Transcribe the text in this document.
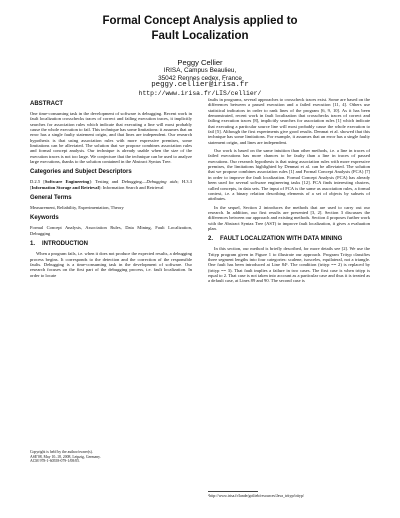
Formal Concept Analysis applied to
Fault Localization
Peggy Cellier
IRISA, Campus Beaulieu,
35042 Rennes cedex, France
peggy.cellier@irisa.fr
http://www.irisa.fr/LIS/cellier/
ABSTRACT

One time-consuming task in the development of software is debugging. Recent work in fault localization crosschecks traces of correct and failing execution traces, it implicitly searches for association rules which indicate that executing a line will most probably cause the whole execution to fail. This technique has some limitations: it assumes that an error has a single faulty statement origin, and that lines are independent. Our research hypothesis is that using association rules with more expressive premises, some limitations can be alleviated. The solution that we propose combines association rules and formal concept analysis. Our technique is already usable when the size of the execution traces is not too large. We conjecture that the technique can be used to analyze large executions, thanks to the solution contained in the Abstract Syntax Tree.

Categories and Subject Descriptors

D.2.5 [Software Engineering]: Testing and Debugging—Debugging aids; H.3.3 [Information Storage and Retrieval]: Information Search and Retrieval

General Terms

Measurement, Reliability, Experimentation, Theory

Keywords

Formal Concept Analysis, Association Rules, Data Mining, Fault Localization, Debugging

1. INTRODUCTION

When a program fails, i.e. when it does not produce the expected results, a debugging process begins. It corresponds to the detection and the correction of the responsible faults. Debugging is a time-consuming task in the development of software. Our research focuses on the first part of the debugging process, i.e. fault localization. In order to locate

Copyright is held by the author/owner(s).
ASE'08, May 10–18, 2008, Leipzig, Germany.
ACM 978-1-60558-079-1/08/05.

faults in programs, several approaches to crosscheck traces exist. Some are based on the differences between a passed execution and a failed execution [11, 4]. Others use statistical indicators in order to rank lines of the program [6, 9, 10]. As it has been demonstrated, recent work in fault localization that crosschecks traces of correct and failing execution traces [8], implicitly searches for association rules [1] which indicate that executing a particular source line will most probably cause the whole execution to fail [5]. Although the first experiments give good results. Denmat et al. showed that this technique has some limitations. For example, it assumes that an error has a single faulty statement origin, and lines are independent.

Our work is based on the same intuition than other methods, i.e. a line in traces of failed executions has more chances to be faulty than a line in traces of passed executions. Our research hypothesis is that using association rules with more expressive premises, the limitations highlighted by Denmat et al. can be alleviated. The solution that we propose combines association rules [1] and Formal Concept Analysis (FCA) [7] in order to improve the fault localization. Formal Concept Analysis (FCA) has already been used for several software engineering tasks [12]. FCA finds interesting clusters, called concepts, in data sets. The input of FCA is the same as association rules, a formal context, i.e. a binary relation describing elements of a set of objects by subsets of attributes.

In the sequel, Section 2 introduces the methods that are used to carry out our research. In addition, our first results are presented [3, 2]. Section 3 discusses the differences between our approach and existing methods. Section 4 proposes further work with the Abstract Syntax Tree (AST) to improve fault localization, it gives a evaluation plan.

2. FAULT LOCALIZATION WITH DATA MINING

In this section, our method is briefly described, for more details see [2]. We use the Trityp program given in Figure 1 to illustrate our approach. Program Trityp classifies three segment lengths into four categories: scalene, isosceles, equilateral, not a triangle. One fault has been introduced at Line 84¹. The condition (trityp == 2) is replaced by (trityp == 3). That fault implies a failure in two cases. The first case is when trityp is equal to 2. That case is not taken into account as a particular case and thus it is treated as a default case, at Lines 89 and 90. The second case is

¹http://www.irisa.fr/lande/gotlieb/resources/Java_trityp/trityp/
